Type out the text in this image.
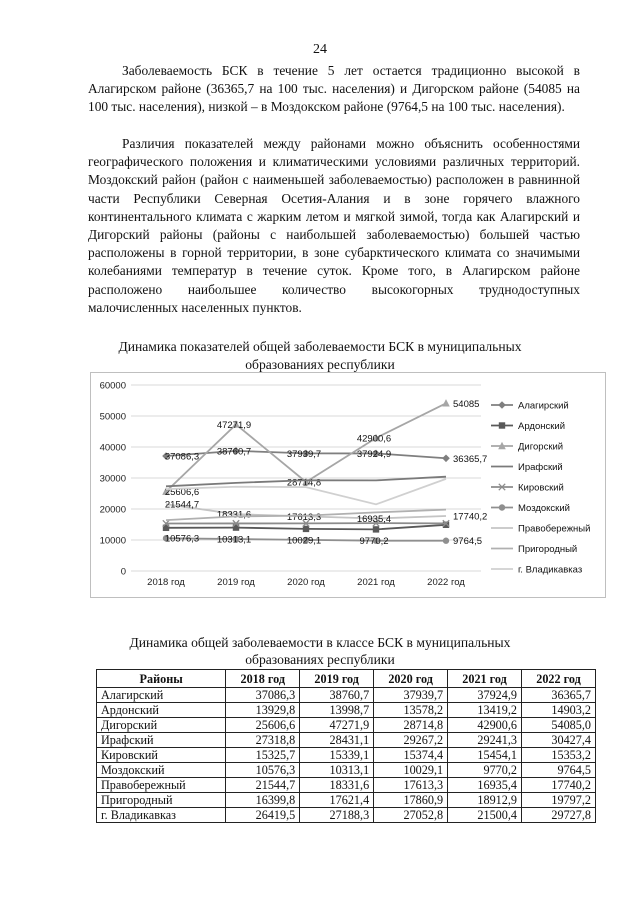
24

Заболеваемость БСК в течение 5 лет остается традиционно высокой в Алагирском районе (36365,7 на 100 тыс. населения) и Дигорском районе (54085 на 100 тыс. населения), низкой – в Моздокском районе (9764,5 на 100 тыс. населения).

Различия показателей между районами можно объяснить особенностями географического положения и климатическими условиями различных территорий. Моздокский район (район с наименьшей заболеваемостью) расположен в равнинной части Республики Северная Осетия-Алания и в зоне горячего влажного континентального климата с жарким летом и мягкой зимой, тогда как Алагирский и Дигорский районы (районы с наибольшей заболеваемостью) большей частью расположены в горной территории, в зоне субарктического климата со значимыми колебаниями температур в течение суток. Кроме того, в Алагирском районе расположено наибольшее количество высокогорных труднодоступных малочисленных населенных пунктов.

Динамика показателей общей заболеваемости БСК в муниципальных
образованиях республики
0
10000
20000
30000
40000
50000
60000
2018 год	2019 год	2020 год	2021 год	2022 год
37086,3 38760,7	37939,7	37924,9	36365,7
25606,6
47271,9
28714,8
42900,6
54085
10576,3 10313,1	10029,1	9770,2	9764,5
21544,7
18331,6	17613,3	16935,4	17740,2
Алагирский
Ардонский
Дигорский
Ирафский
Кировский
Моздокский
Правобережный
Пригородный
г. Владикавказ
Динамика общей заболеваемости в классе БСК в муниципальных
образованиях республики
Районы	2018 год	2019 год	2020 год	2021 год	2022 год
Алагирский	37086,3	38760,7	37939,7	37924,9	36365,7
Ардонский	13929,8	13998,7	13578,2	13419,2	14903,2
Дигорский	25606,6	47271,9	28714,8	42900,6	54085,0
Ирафский	27318,8	28431,1	29267,2	29241,3	30427,4
Кировский	15325,7	15339,1	15374,4	15454,1	15353,2
Моздокский	10576,3	10313,1	10029,1	9770,2	9764,5
Правобережный	21544,7	18331,6	17613,3	16935,4	17740,2
Пригородный	16399,8	17621,4	17860,9	18912,9	19797,2
г. Владикавказ	26419,5	27188,3	27052,8	21500,4	29727,8
